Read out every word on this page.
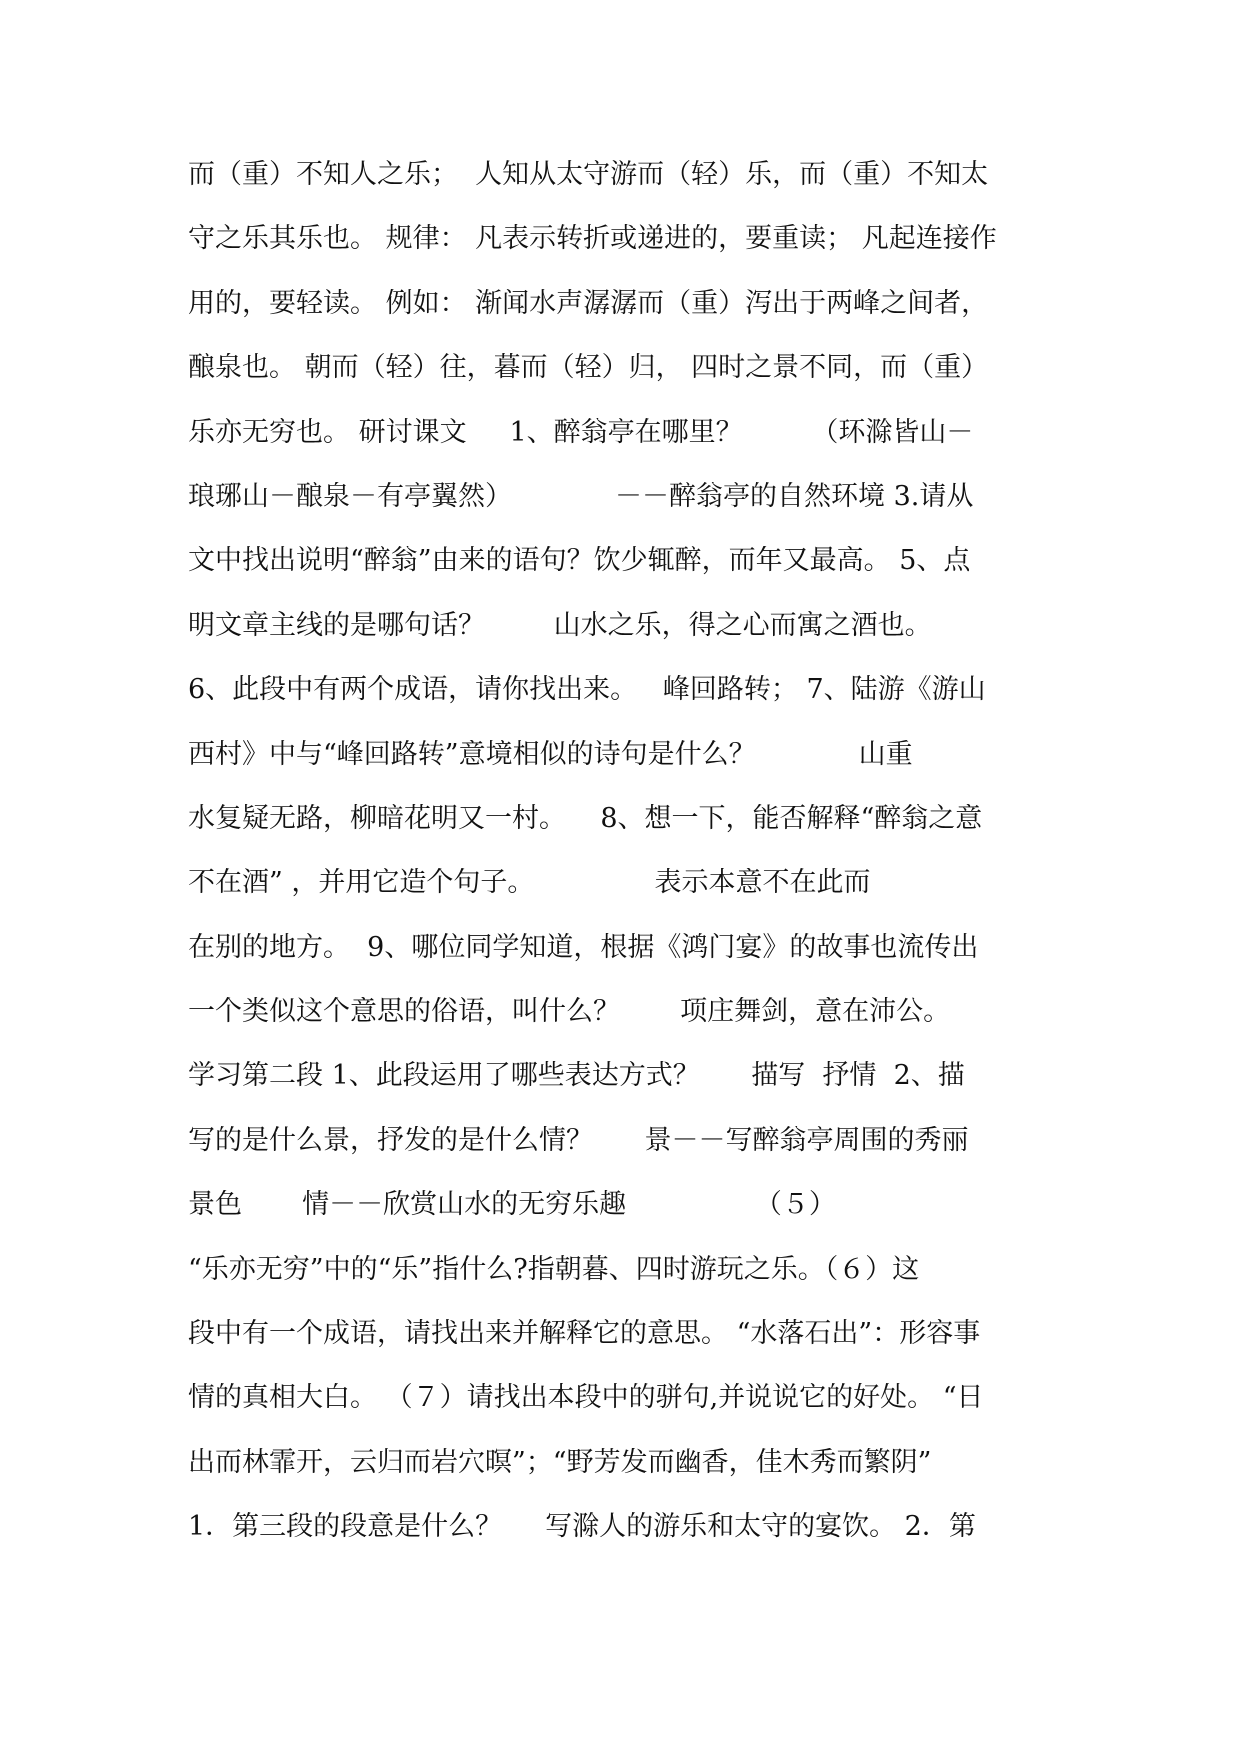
而（重）不知人之乐；  人知从太守游而（轻）乐，而（重）不知太
守之乐其乐也。 规律： 凡表示转折或递进的，要重读； 凡起连接作
用的，要轻读。 例如： 渐闻水声潺潺而（重）泻出于两峰之间者，
酿泉也。 朝而（轻）往，暮而（轻）归， 四时之景不同，而（重）
乐亦无穷也。 研讨课文     1、醉翁亭在哪里？        （环滁皆山－
琅琊山－酿泉－有亭翼然）            －－醉翁亭的自然环境 3.请从
文中找出说明“醉翁”由来的语句？饮少辄醉，而年又最高。 5、点
明文章主线的是哪句话？        山水之乐，得之心而寓之酒也。
6、此段中有两个成语，请你找出来。   峰回路转； 7、陆游《游山
西村》中与“峰回路转”意境相似的诗句是什么？            山重
水复疑无路，柳暗花明又一村。    8、想一下，能否解释“醉翁之意
不在酒” ，并用它造个句子。              表示本意不在此而
在别的地方。  9、哪位同学知道，根据《鸿门宴》的故事也流传出
一个类似这个意思的俗语，叫什么？       项庄舞剑，意在沛公。
学习第二段 1、此段运用了哪些表达方式？      描写  抒情  2、描
写的是什么景，抒发的是什么情？      景－－写醉翁亭周围的秀丽
景色       情－－欣赏山水的无穷乐趣               （５）
“乐亦无穷”中的“乐”指什么?指朝暮、四时游玩之乐。（６）这
段中有一个成语，请找出来并解释它的意思。 “水落石出”：形容事
情的真相大白。 （７）请找出本段中的骈句,并说说它的好处。 “日
出而林霏开，云归而岩穴暝”；“野芳发而幽香，佳木秀而繁阴”
1．第三段的段意是什么？     写滁人的游乐和太守的宴饮。 2．第
